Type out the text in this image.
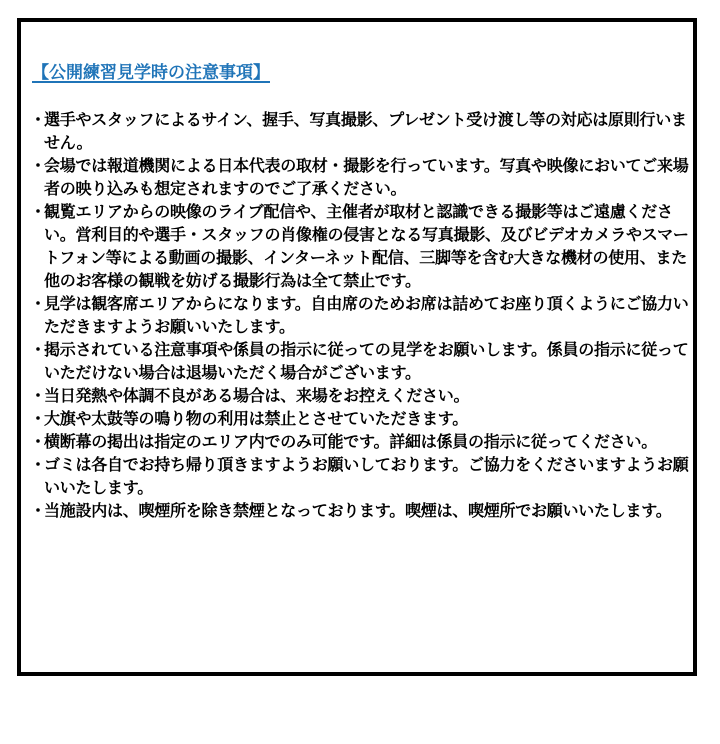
【公開練習見学時の注意事項】
・
選手やスタッフによるサイン、握手、写真撮影、プレゼント受け渡し等の対応は原則行いません。
・
会場では報道機関による日本代表の取材・撮影を行っています。写真や映像においてご来場者の映り込みも想定されますのでご了承ください。
・
観覧エリアからの映像のライブ配信や、主催者が取材と認識できる撮影等はご遠慮ください。営利目的や選手・スタッフの肖像権の侵害となる写真撮影、及びビデオカメラやスマートフォン等による動画の撮影、インターネット配信、三脚等を含む大きな機材の使用、また他のお客様の観戦を妨げる撮影行為は全て禁止です。
・
見学は観客席エリアからになります。自由席のためお席は詰めてお座り頂くようにご協力いただきますようお願いいたします。
・
掲示されている注意事項や係員の指示に従っての見学をお願いします。係員の指示に従っていただけない場合は退場いただく場合がございます。
・
当日発熱や体調不良がある場合は、来場をお控えください。
・
大旗や太鼓等の鳴り物の利用は禁止とさせていただきます。
・
横断幕の掲出は指定のエリア内でのみ可能です。詳細は係員の指示に従ってください。
・
ゴミは各自でお持ち帰り頂きますようお願いしております。ご協力をくださいますようお願いいたします。
・
当施設内は、喫煙所を除き禁煙となっております。喫煙は、喫煙所でお願いいたします。
